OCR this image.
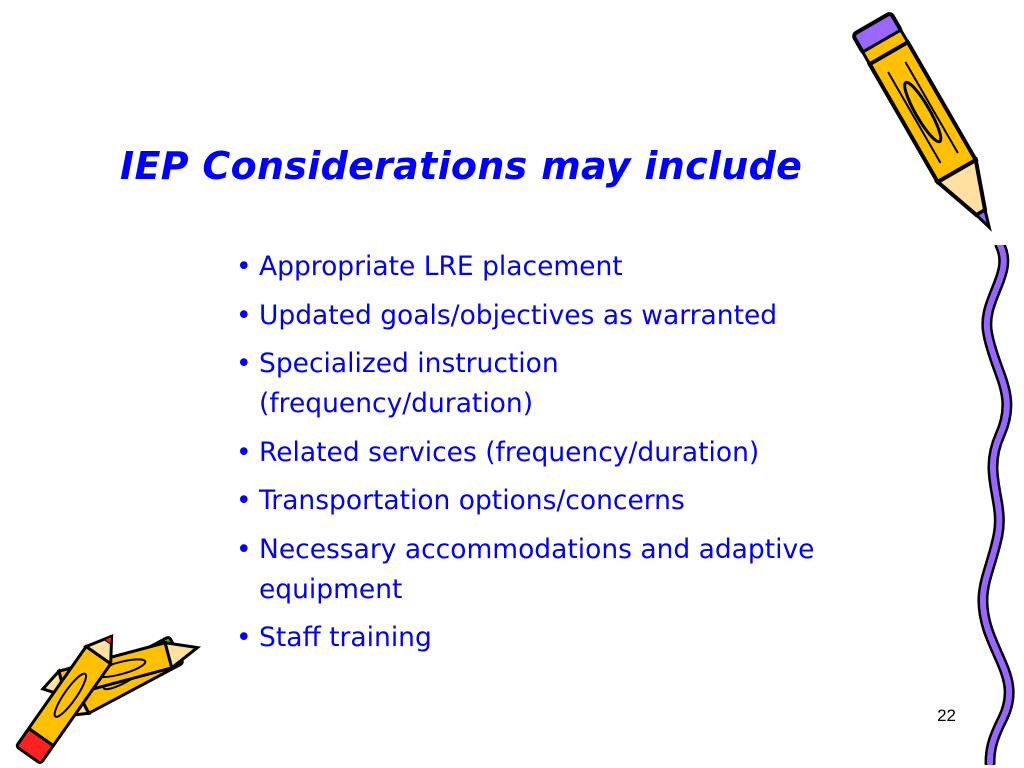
IEP Considerations may include
• Appropriate LRE placement
• Updated goals/objectives as warranted
• Specialized instruction
(frequency/duration)
• Related services (frequency/duration)
• Transportation options/concerns
• Necessary accommodations and adaptive
equipment
• Staff training
22
